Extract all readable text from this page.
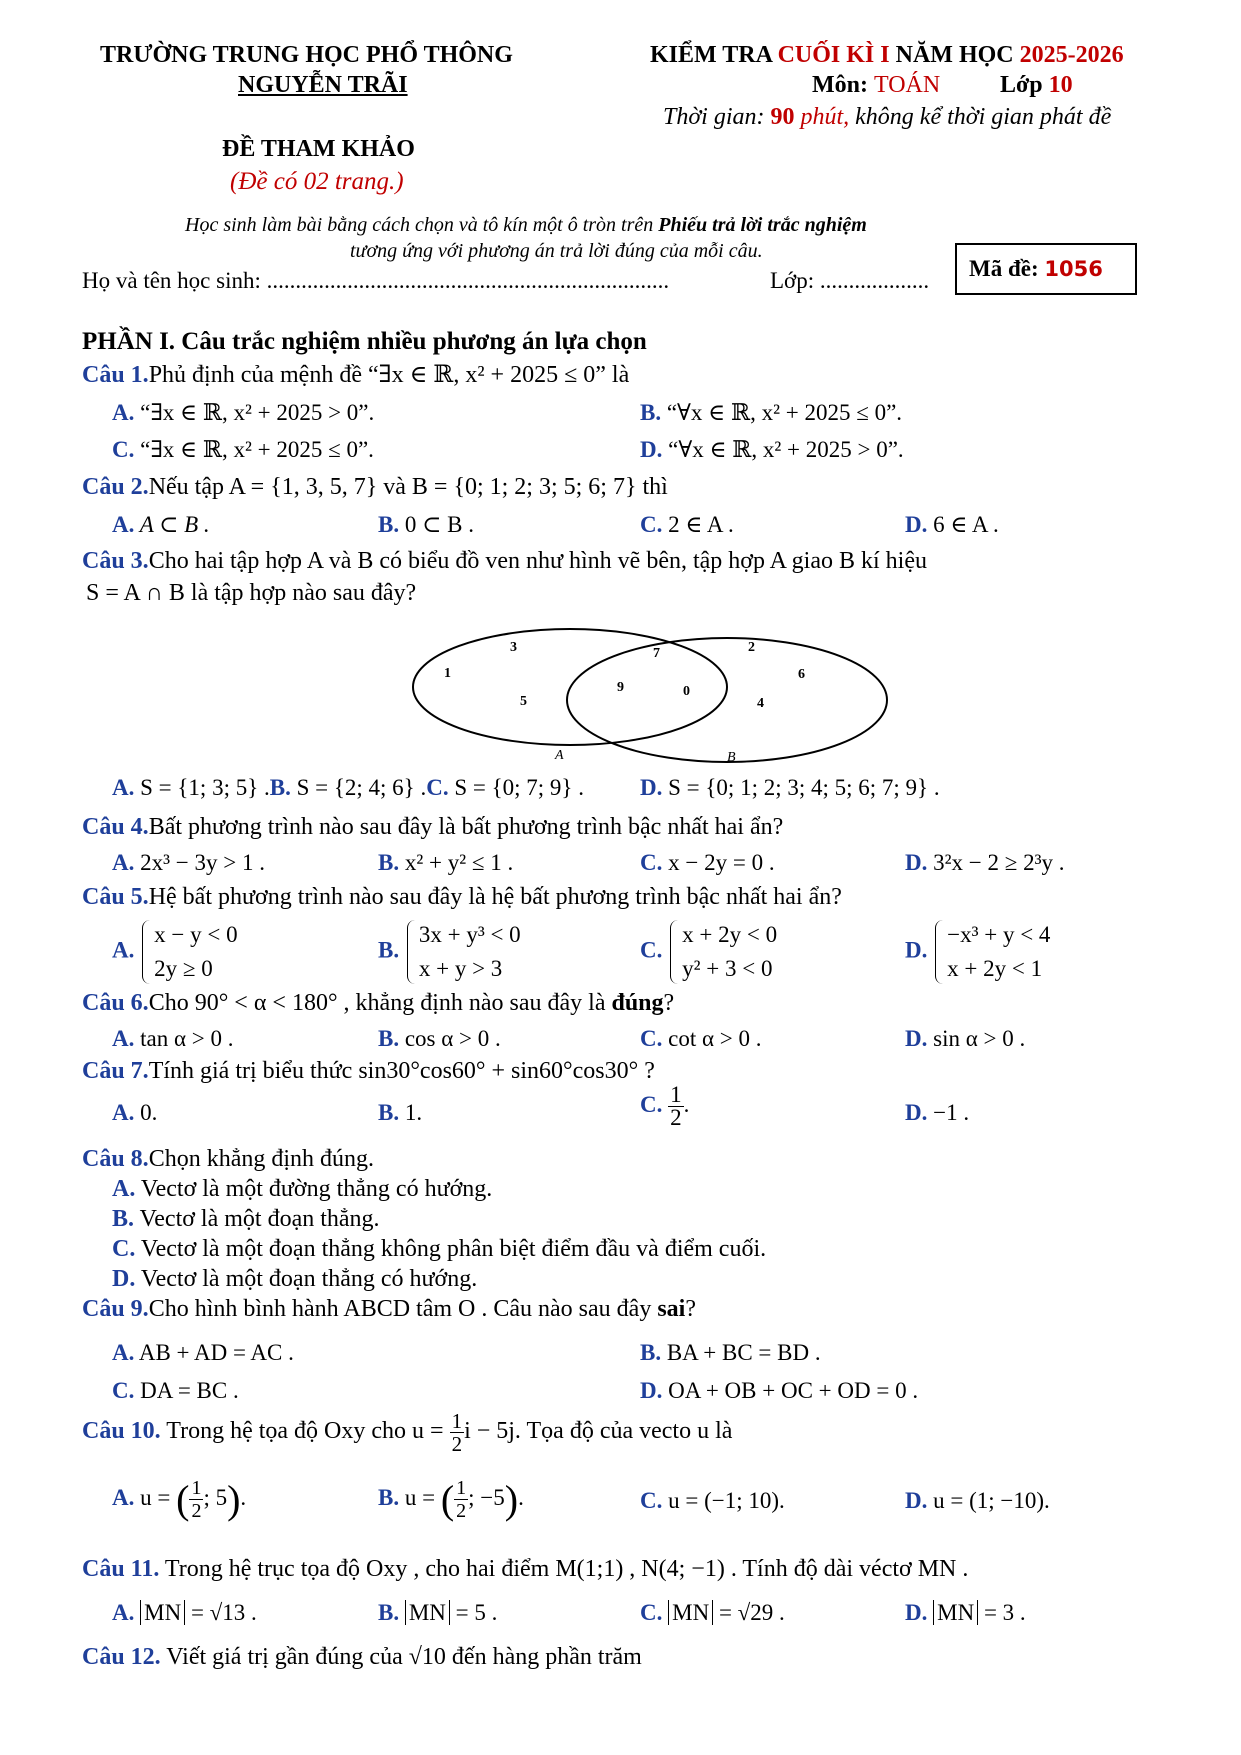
TRƯỜNG TRUNG HỌC PHỔ THÔNG
NGUYỄN TRÃI
KIỂM TRA CUỐI KÌ I NĂM HỌC 2025-2026
Môn: TOÁN Lớp 10
Thời gian: 90 phút, không kể thời gian phát đề
ĐỀ THAM KHẢO
(Đề có 02 trang.)
Học sinh làm bài bằng cách chọn và tô kín một ô tròn trên Phiếu trả lời trắc nghiệm
tương ứng với phương án trả lời đúng của mỗi câu.
Họ và tên học sinh: ......................................................................	Lớp: ................... Mã đề: 1056
PHẦN I. Câu trắc nghiệm nhiều phương án lựa chọn
Câu 1.Phủ định của mệnh đề “∃x ∈ ℝ, x² + 2025 ≤ 0” là
A. “∃x ∈ ℝ, x² + 2025 > 0”.	B. “∀x ∈ ℝ, x² + 2025 ≤ 0”.
C. “∃x ∈ ℝ, x² + 2025 ≤ 0”.	D. “∀x ∈ ℝ, x² + 2025 > 0”.
Câu 2.Nếu tập A = {1, 3, 5, 7} và B = {0; 1; 2; 3; 5; 6; 7} thì
A. A ⊂ B .	B. 0 ⊂ B .	C. 2 ∈ A .	D. 6 ∈ A .
Câu 3.Cho hai tập hợp A và B có biểu đồ ven như hình vẽ bên, tập hợp A giao B kí hiệu
S = A ∩ B là tập hợp nào sau đây?
3	7	2
1	6
9	0
5	4
A	B
A. S = {1; 3; 5} .B. S = {2; 4; 6} .C. S = {0; 7; 9} . D. S = {0; 1; 2; 3; 4; 5; 6; 7; 9} .
Câu 4.Bất phương trình nào sau đây là bất phương trình bậc nhất hai ẩn?
A. 2x³ − 3y > 1 .	B. x² + y² ≤ 1 .	C. x − 2y = 0 .	D. 3²x − 2 ≥ 2³y .
Câu 5.Hệ bất phương trình nào sau đây là hệ bất phương trình bậc nhất hai ẩn?
A.
x − y < 0
2y ≥ 0
B.
3x + y³ < 0
x + y > 3
C.
x + 2y < 0
y² + 3 < 0
D.
−x³ + y < 4
x + 2y < 1
Câu 6.Cho 90° < α < 180° , khẳng định nào sau đây là đúng?
A. tan α > 0 .	B. cos α > 0 .	C. cot α > 0 .	D. sin α > 0 .
Câu 7.Tính giá trị biểu thức sin30°cos60° + sin60°cos30° ?
A. 0.	B. 1.	C. $\frac{1}{2}$ .	D. −1 .
Câu 8.Chọn khẳng định đúng.
A. Vectơ là một đường thẳng có hướng.
B. Vectơ là một đoạn thẳng.
C. Vectơ là một đoạn thẳng không phân biệt điểm đầu và điểm cuối.
D. Vectơ là một đoạn thẳng có hướng.
Câu 9.Cho hình bình hành ABCD tâm O . Câu nào sau đây sai?
A. AB + AD = AC .	B. BA + BC = BD .
C. DA = BC .	D. OA + OB + OC + OD = 0 .
Câu 10. Trong hệ tọa độ Oxy cho $u = \frac{1}{2}$ i − 5j. Tọa độ của vecto u là
A. u = ( $\frac{1}{2}$ ; 5).	B. u = ( $\frac{1}{2}$ ; −5).	C. u = (−1; 10).	D. u = (1; −10).
Câu 11. Trong hệ trục tọa độ Oxy , cho hai điểm M(1;1) , N(4; −1) . Tính độ dài véctơ MN .
A. MN = √13 .	B. MN = 5 .	C. MN = √29 .	D. MN = 3 .
Câu 12. Viết giá trị gần đúng của √10 đến hàng phần trăm
